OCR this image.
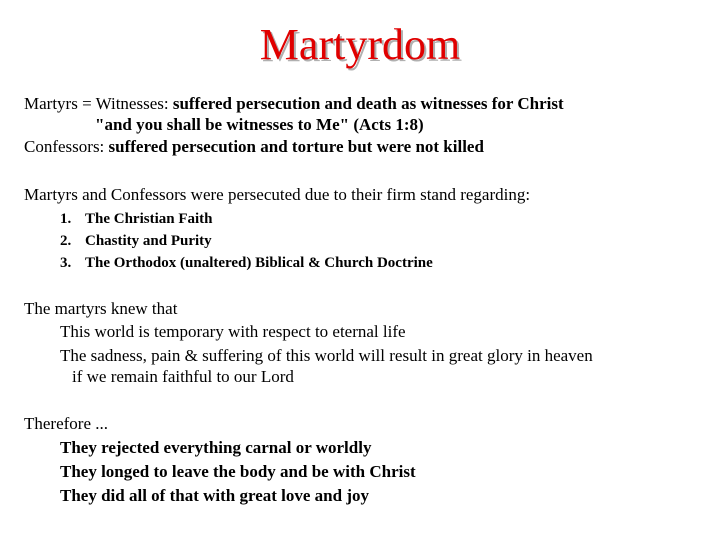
Martyrdom
Martyrs = Witnesses: suffered persecution and death as witnesses for Christ
"and you shall be witnesses to Me" (Acts 1:8)
Confessors: suffered persecution and torture but were not killed
Martyrs and Confessors were persecuted due to their firm stand regarding:
1. The Christian Faith
2. Chastity and Purity
3. The Orthodox (unaltered) Biblical & Church Doctrine
The martyrs knew that
This world is temporary with respect to eternal life
The sadness, pain & suffering of this world will result in great glory in heaven
if we remain faithful to our Lord
Therefore ...
They rejected everything carnal or worldly
They longed to leave the body and be with Christ
They did all of that with great love and joy
